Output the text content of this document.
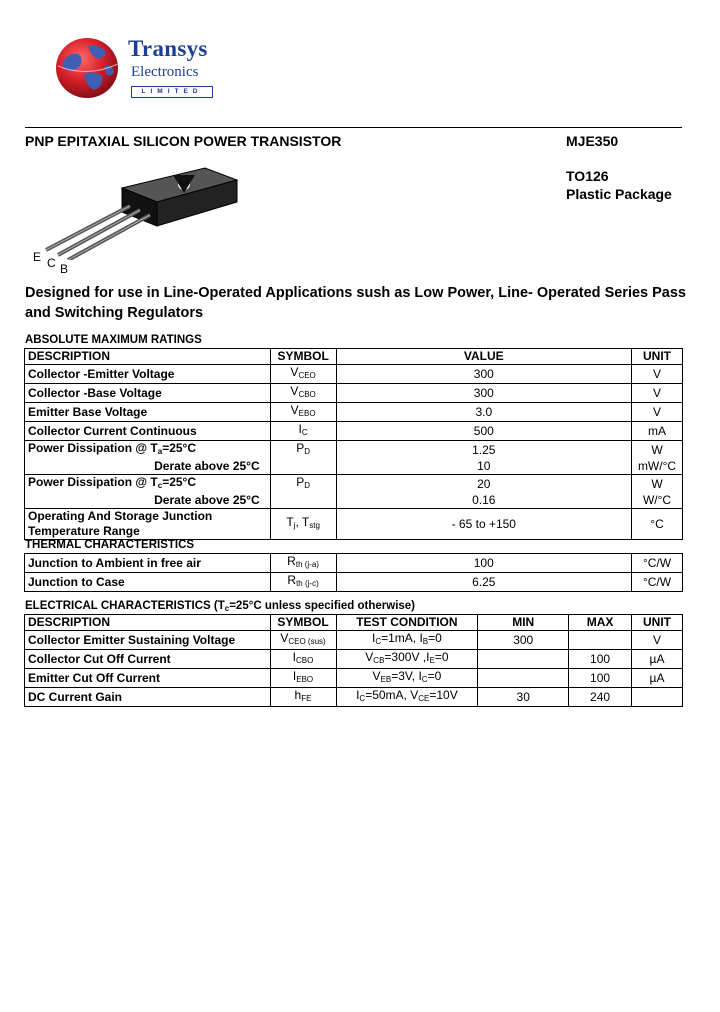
Transys
Electronics
LIMITED
PNP EPITAXIAL SILICON POWER TRANSISTOR	MJE350
TO126
Plastic Package
E C B
Designed for use in Line-Operated Applications sush as Low Power, Line- Operated Series Pass and Switching Regulators
ABSOLUTE MAXIMUM RATINGS
DESCRIPTION	SYMBOL	VALUE	UNIT
Collector -Emitter Voltage	$V_{CEO}$	300	V
Collector -Base Voltage	$V_{CBO}$	300	V
Emitter Base Voltage	$V_{EBO}$	3.0	V
Collector Current Continuous	$I_C$	500	mA
Power Dissipation @ $T_a=25^\circ C$	$P_D$	1.25	W
Derate above 25°C		10	mW/°C
Power Dissipation @ $T_c=25^\circ C$	$P_D$	20	W
Derate above 25°C		0.16	W/°C

Operating And Storage Junction
Temperature Range	$T_j$, $T_{stg}$	- 65 to +150	°C
THERMAL CHARACTERISTICS
Junction to Ambient in free air	$R_{th (j-a)}$	100	°C/W
Junction to Case	$R_{th (j-c)}$	6.25	°C/W
ELECTRICAL CHARACTERISTICS ($T_c=25^\circ C$ unless specified otherwise)
DESCRIPTION	SYMBOL	TEST CONDITION	MIN	MAX	UNIT
Collector Emitter Sustaining Voltage	$V_{CEO (sus)}$	$I_C=1mA$, $I_B=0$	300		V
Collector Cut Off Current	$I_{CBO}$	$V_{CB}=300V$ $,I_E=0$		100	µA
Emitter Cut Off Current	$I_{EBO}$	$V_{EB}=3V$, $I_C=0$		100	µA
DC Current Gain	$h_{FE}$	$I_C=50mA$, $V_{CE}=10V$	30	240	
